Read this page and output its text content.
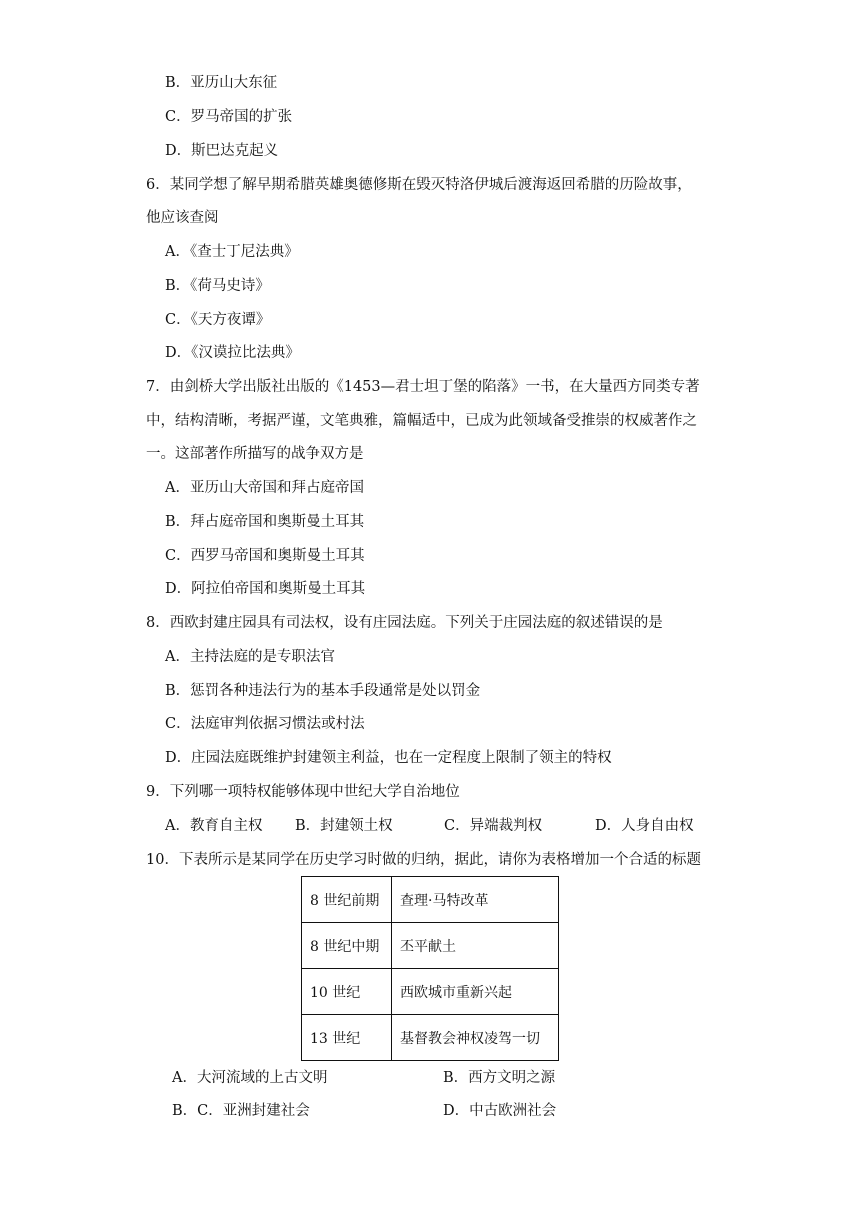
B．亚历山大东征
C．罗马帝国的扩张
D．斯巴达克起义
6．某同学想了解早期希腊英雄奥德修斯在毁灭特洛伊城后渡海返回希腊的历险故事，
他应该查阅
A．《查士丁尼法典》
B．《荷马史诗》
C．《天方夜谭》
D．《汉谟拉比法典》
7．由剑桥大学出版社出版的《1453—君士坦丁堡的陷落》一书，在大量西方同类专著
中，结构清晰，考据严谨，文笔典雅，篇幅适中，已成为此领域备受推崇的权威著作之
一。这部著作所描写的战争双方是
A．亚历山大帝国和拜占庭帝国
B．拜占庭帝国和奥斯曼土耳其
C．西罗马帝国和奥斯曼土耳其
D．阿拉伯帝国和奥斯曼土耳其
8．西欧封建庄园具有司法权，设有庄园法庭。下列关于庄园法庭的叙述错误的是
A．主持法庭的是专职法官
B．惩罚各种违法行为的基本手段通常是处以罚金
C．法庭审判依据习惯法或村法
D．庄园法庭既维护封建领主利益，也在一定程度上限制了领主的特权
9．下列哪一项特权能够体现中世纪大学自治地位
A．教育自主权 B．封建领土权	C．异端裁判权	D．人身自由权
10．下表所示是某同学在历史学习时做的归纳，据此，请你为表格增加一个合适的标题
8 世纪前期	查理·马特改革
8 世纪中期	丕平献土
10 世纪	西欧城市重新兴起
13 世纪	基督教会神权凌驾一切
A．大河流域的上古文明	B．西方文明之源
B．C．亚洲封建社会	D．中古欧洲社会
